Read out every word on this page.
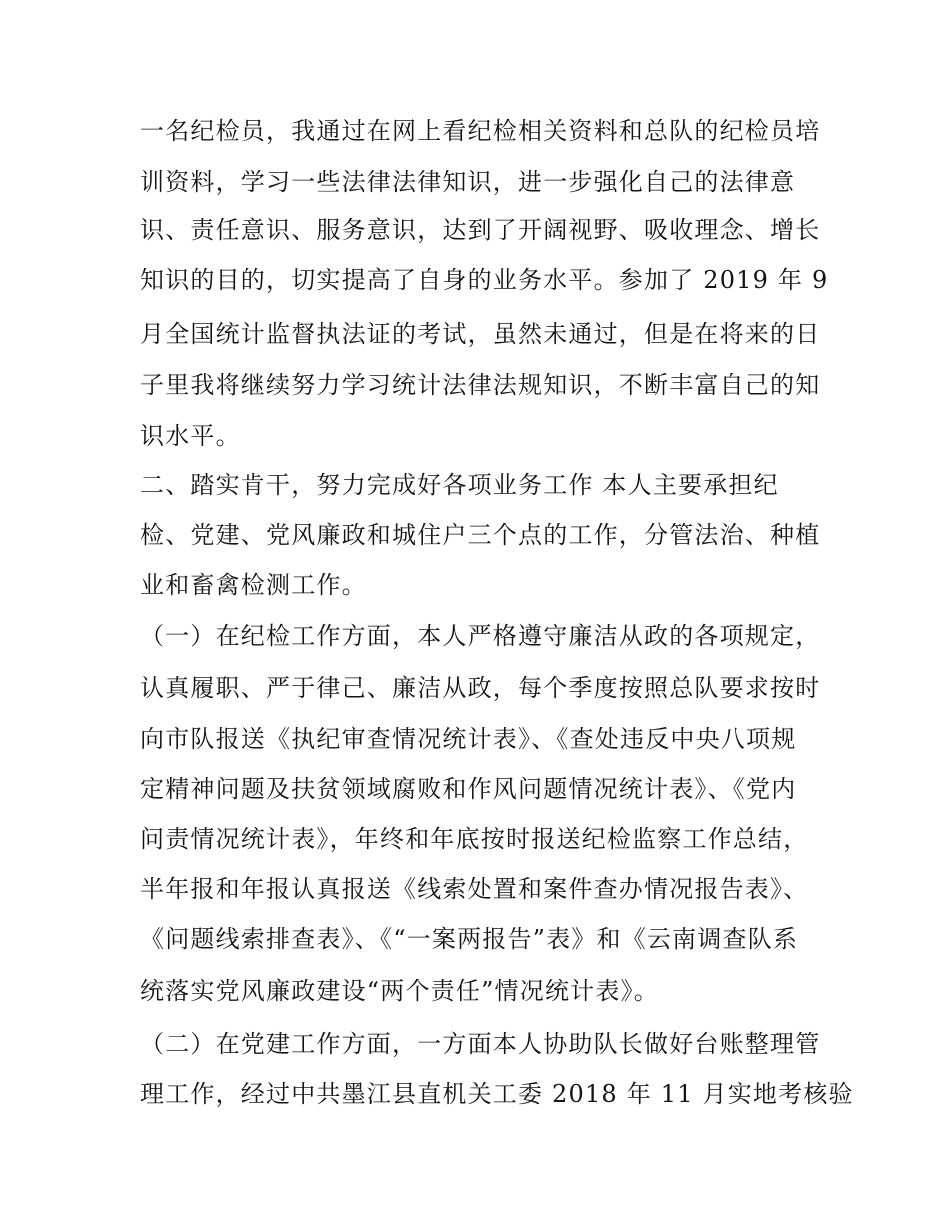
一名纪检员，我通过在网上看纪检相关资料和总队的纪检员培
训资料，学习一些法律法律知识，进一步强化自己的法律意
识、责任意识、服务意识，达到了开阔视野、吸收理念、增长
知识的目的，切实提高了自身的业务水平。参加了 2019 年 9
月全国统计监督执法证的考试，虽然未通过，但是在将来的日
子里我将继续努力学习统计法律法规知识，不断丰富自己的知
识水平。
二、踏实肯干，努力完成好各项业务工作 本人主要承担纪
检、党建、党风廉政和城住户三个点的工作，分管法治、种植
业和畜禽检测工作。
（一）在纪检工作方面，本人严格遵守廉洁从政的各项规定，
认真履职、严于律己、廉洁从政，每个季度按照总队要求按时
向市队报送《执纪审查情况统计表》、《查处违反中央八项规
定精神问题及扶贫领域腐败和作风问题情况统计表》、《党内
问责情况统计表》，年终和年底按时报送纪检监察工作总结，
半年报和年报认真报送《线索处置和案件查办情况报告表》、
《问题线索排查表》、《“一案两报告”表》和《云南调查队系
统落实党风廉政建设“两个责任”情况统计表》。
（二）在党建工作方面，一方面本人协助队长做好台账整理管
理工作，经过中共墨江县直机关工委 2018 年 11 月实地考核验
